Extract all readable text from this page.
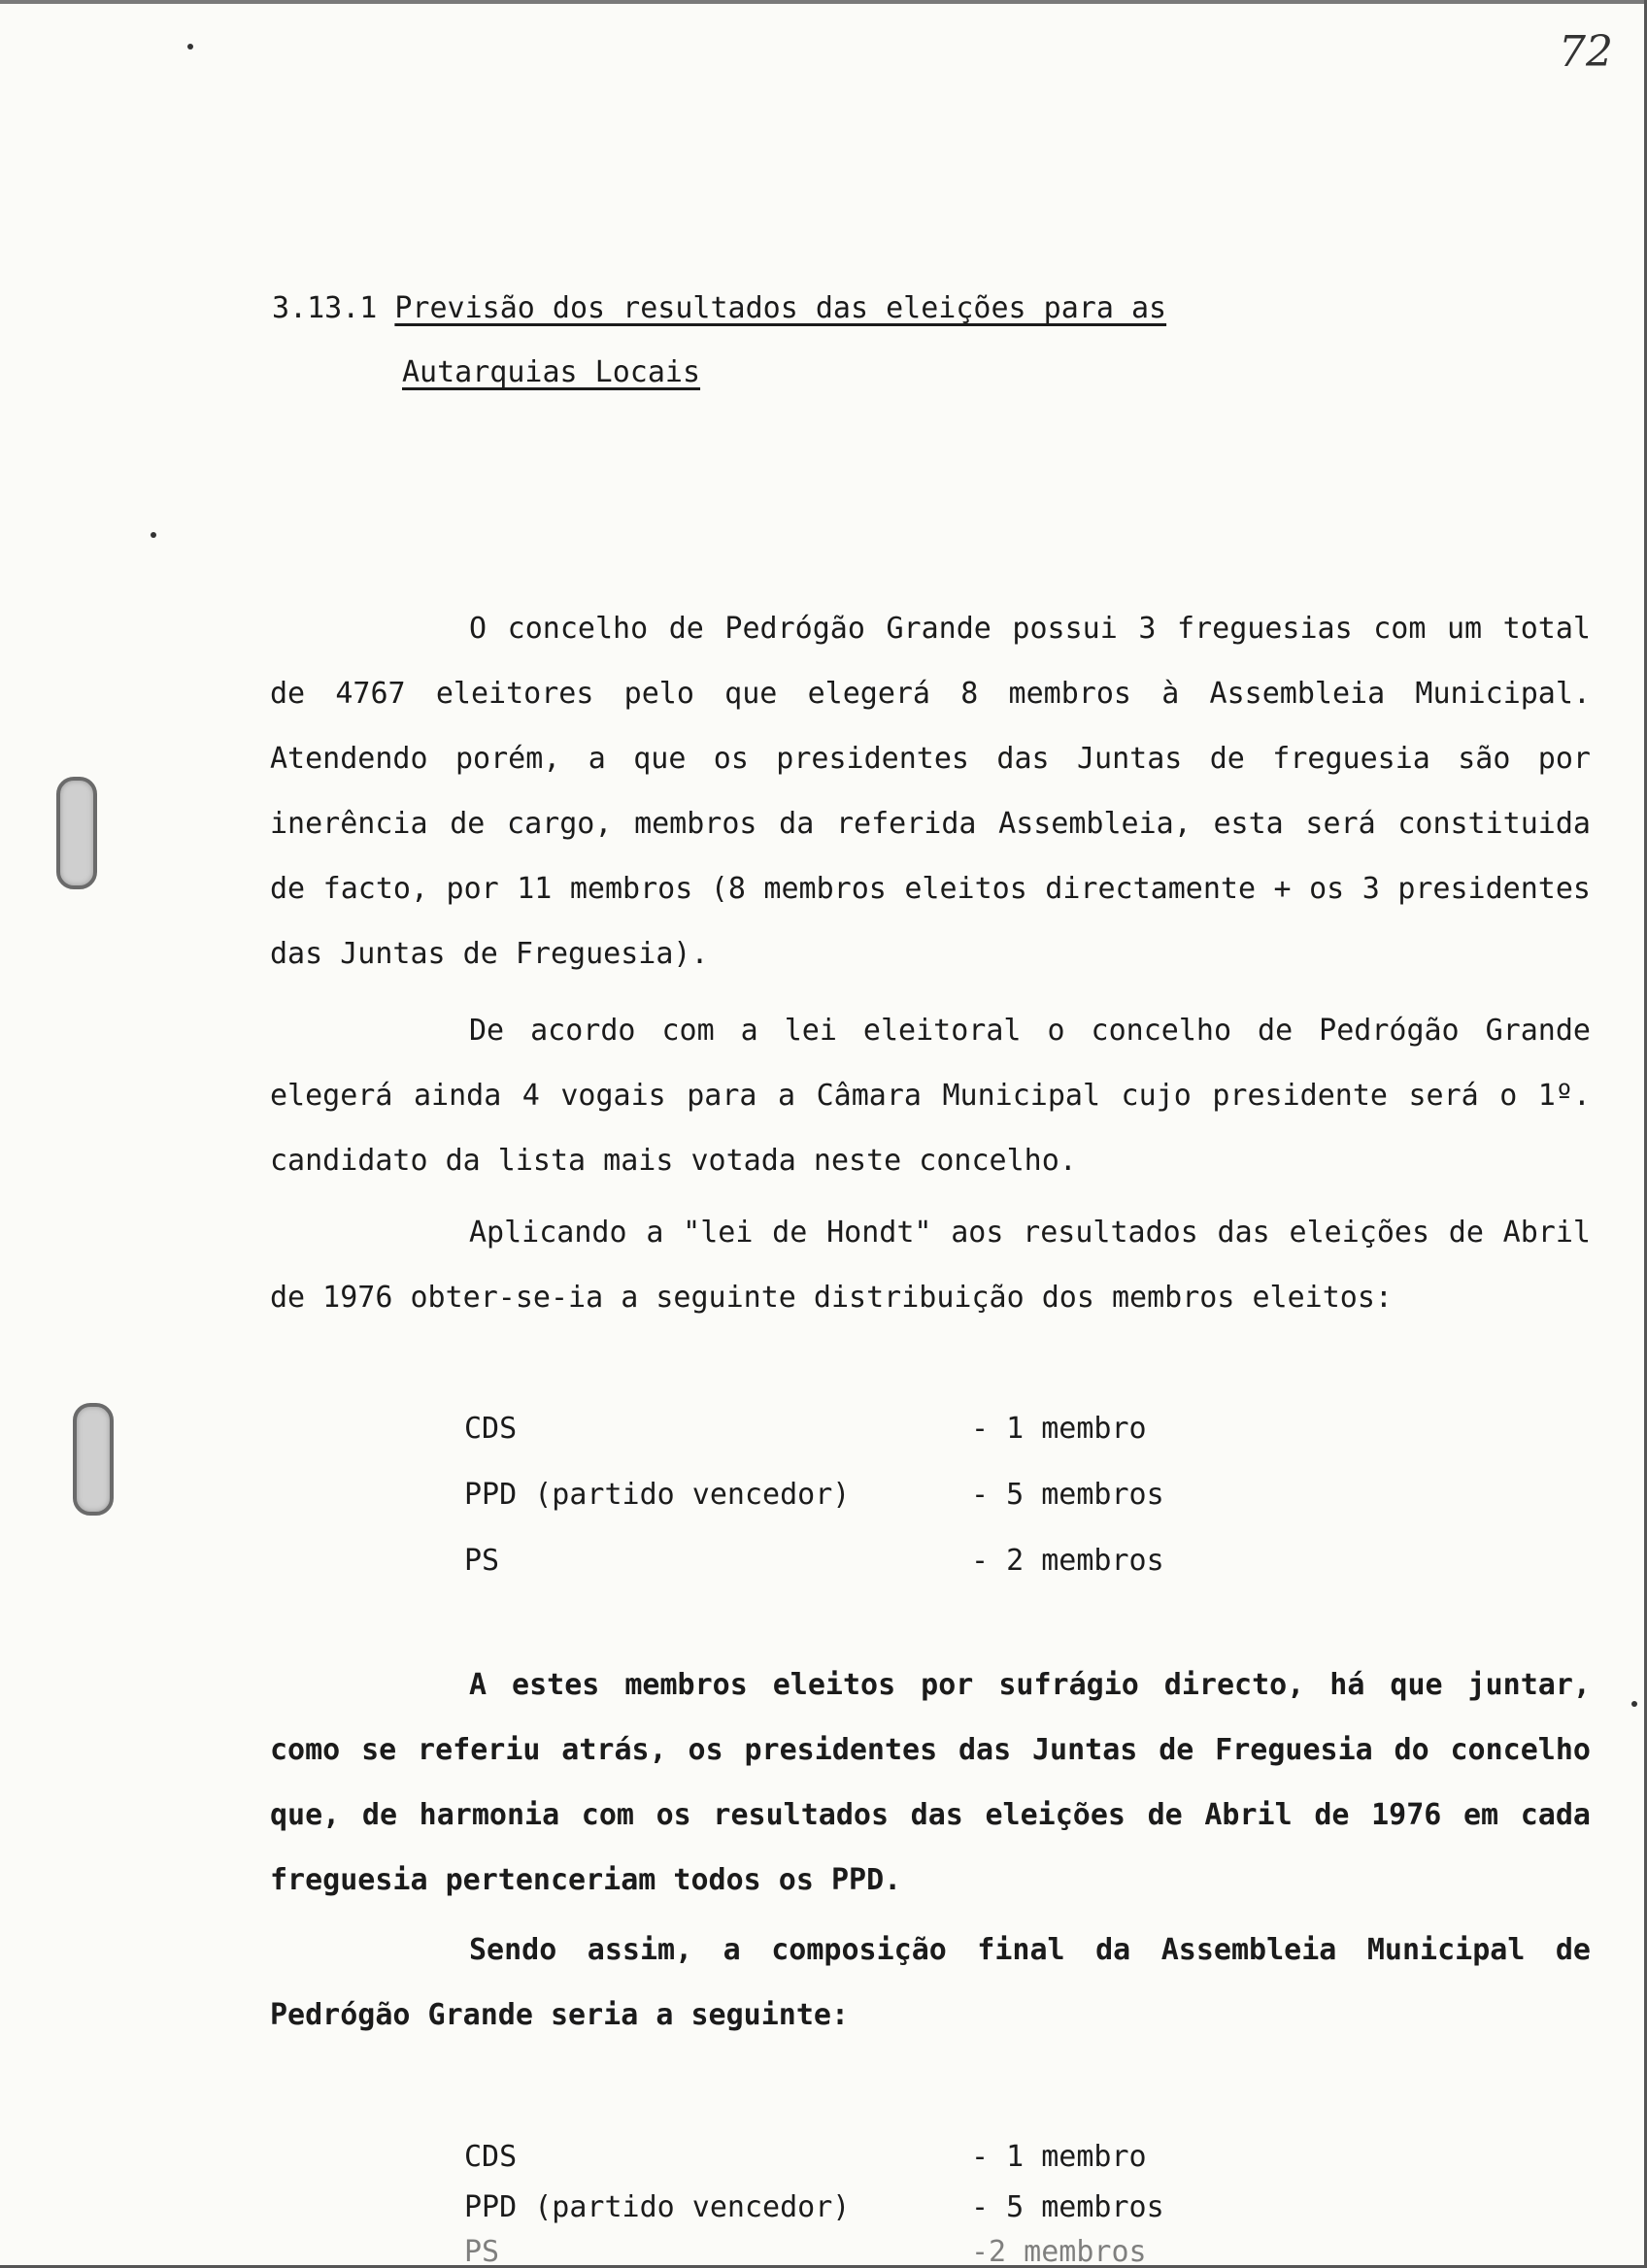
72
3.13.1 Previsão dos resultados das eleições para as
Autarquias Locais

O concelho de Pedrógão Grande possui 3 freguesias com um total de 4767 eleitores pelo que elegerá 8 membros à Assembleia Municipal. Atendendo porém, a que os presidentes das Juntas de freguesia são por inerência de cargo, membros da referida Assembleia, esta será constituida de facto, por 11 membros (8 membros eleitos directamente + os 3 presidentes das Juntas de Freguesia).

De acordo com a lei eleitoral o concelho de Pedrógão Grande elegerá ainda 4 vogais para a Câmara Municipal cujo presidente será o 1º. candidato da lista mais votada neste concelho.

Aplicando a "lei de Hondt" aos resultados das eleições de Abril de 1976 obter-se-ia a seguinte distribuição dos membros eleitos:

CDS	- 1 membro
PPD (partido vencedor)	- 5 membros
PS	- 2 membros

A estes membros eleitos por sufrágio directo, há que juntar, como se referiu atrás, os presidentes das Juntas de Freguesia do concelho que, de harmonia com os resultados das eleições de Abril de 1976 em cada freguesia pertenceriam todos os PPD.

Sendo assim, a composição final da Assembleia Municipal de Pedrógão Grande seria a seguinte:

CDS	- 1 membro
PPD (partido vencedor)	- 5 membros
PS	-2 membros
